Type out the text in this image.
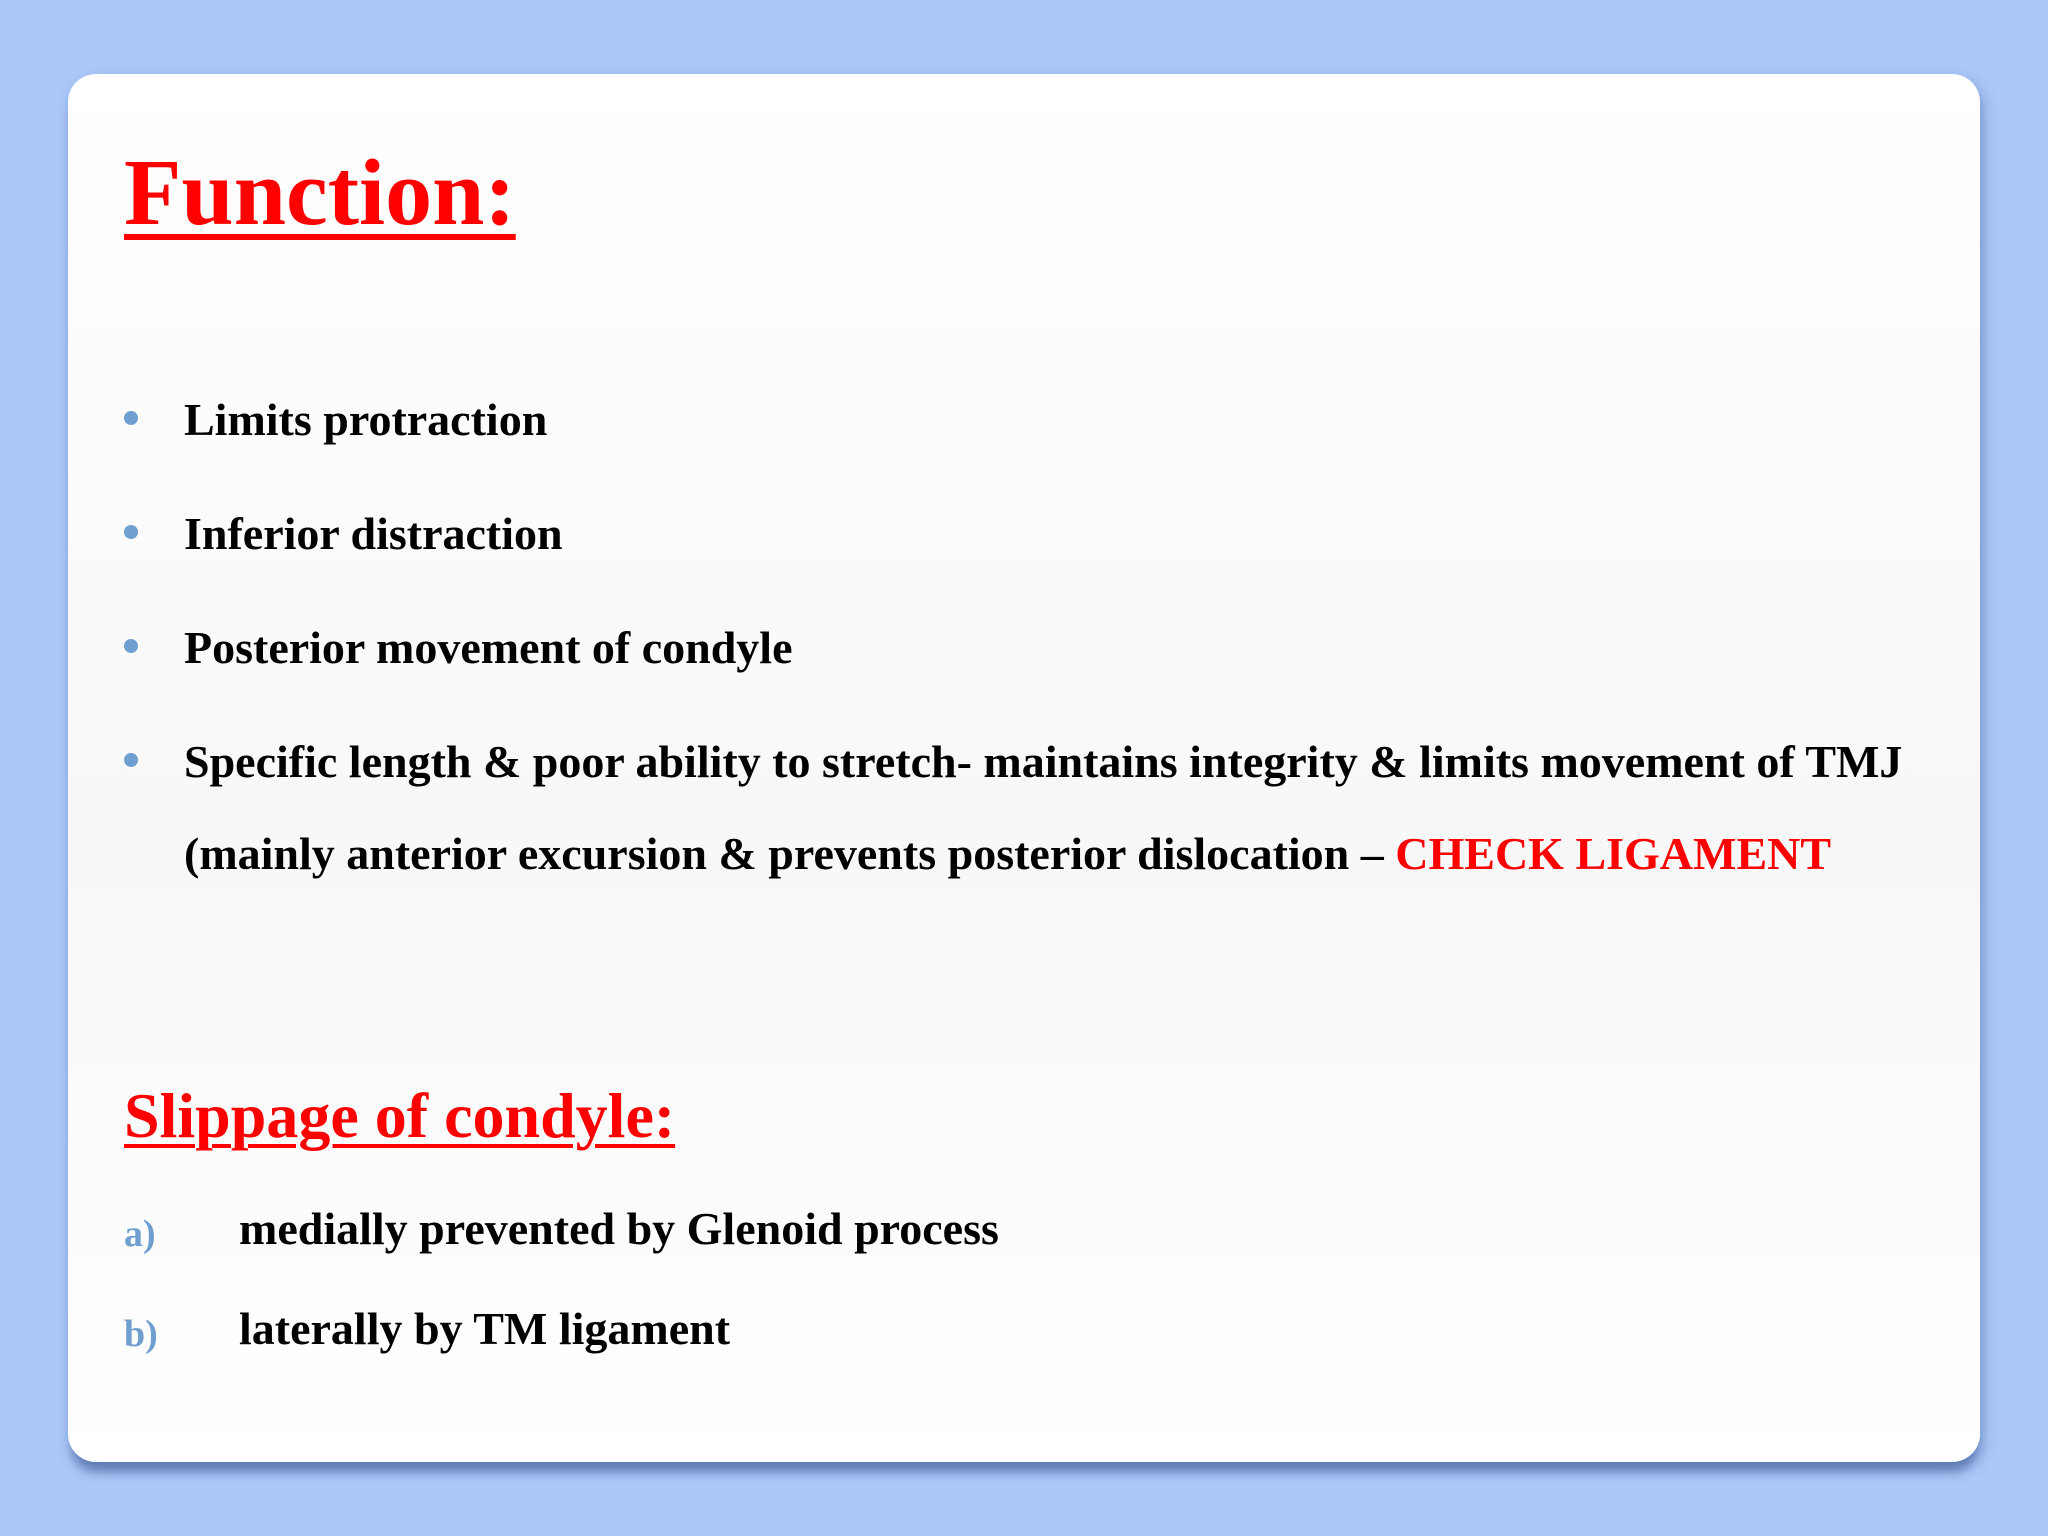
Function:
Limits protraction
Inferior distraction
Posterior movement of condyle
Specific length & poor ability to stretch- maintains integrity & limits movement of TMJ (mainly anterior excursion & prevents posterior dislocation – CHECK LIGAMENT
Slippage of condyle:
a) medially prevented by Glenoid process
b) laterally by TM ligament
